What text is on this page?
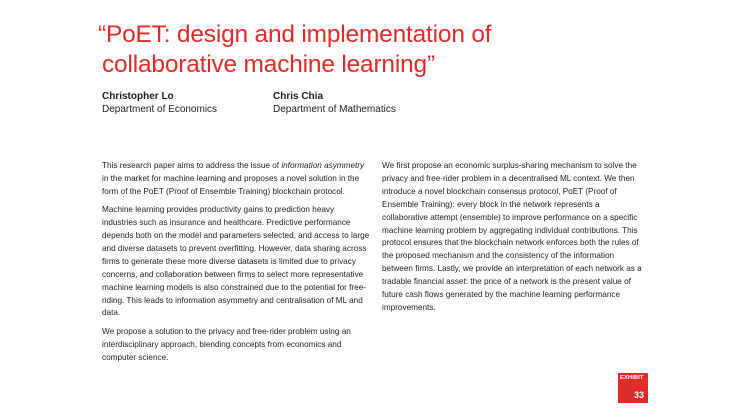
“PoET: design and implementation of
collaborative machine learning”
Christopher Lo
Department of Economics
Chris Chia
Department of Mathematics

This research paper aims to address the issue of information asymmetry in the market for machine learning and proposes a novel solution in the form of the PoET (Proof of Ensemble Training) blockchain protocol.

Machine learning provides productivity gains to prediction heavy industries such as insurance and healthcare. Predictive performance depends both on the model and parameters selected, and access to large and diverse datasets to prevent overfitting. However, data sharing across firms to generate these more diverse datasets is limited due to privacy concerns, and collaboration between firms to select more representative machine learning models is also constrained due to the potential for free-riding. This leads to information asymmetry and centralisation of ML and data.

We propose a solution to the privacy and free-rider problem using an interdisciplinary approach, blending concepts from economics and computer science.

We first propose an economic surplus-sharing mechanism to solve the privacy and free-rider problem in a decentralised ML context. We then introduce a novel blockchain consensus protocol, PoET (Proof of Ensemble Training): every block in the network represents a collaborative attempt (ensemble) to improve performance on a specific machine learning problem by aggregating individual contributions. This protocol ensures that the blockchain network enforces both the rules of the proposed mechanism and the consistency of the information between firms. Lastly, we provide an interpretation of each network as a tradable financial asset: the price of a network is the present value of future cash flows generated by the machine learning performance improvements.

EXHIBIT
33
